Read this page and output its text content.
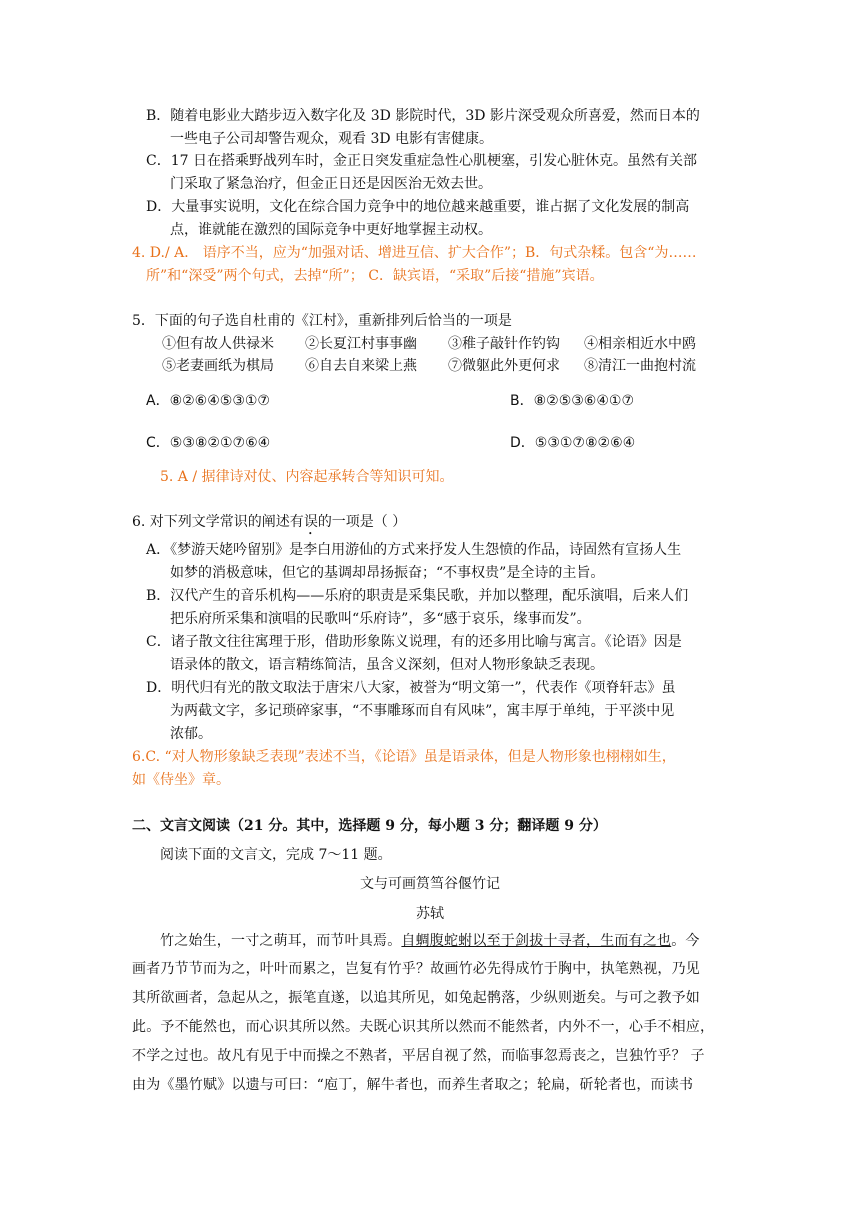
B．随着电影业大踏步迈入数字化及 3D 影院时代，3D 影片深受观众所喜爱，然而日本的
一些电子公司却警告观众，观看 3D 电影有害健康。
C．17 日在搭乘野战列车时，金正日突发重症急性心肌梗塞，引发心脏休克。虽然有关部
门采取了紧急治疗，但金正日还是因医治无效去世。
D．大量事实说明，文化在综合国力竞争中的地位越来越重要，谁占据了文化发展的制高
点，谁就能在激烈的国际竞争中更好地掌握主动权。
4. D./ A． 语序不当，应为“加强对话、增进互信、扩大合作”；B．句式杂糅。包含“为……
所”和“深受”两个句式，去掉“所”； C．缺宾语，“采取”后接“措施”宾语。
5．下面的句子选自杜甫的《江村》，重新排列后恰当的一项是
①但有故人供禄米 ②长夏江村事事幽 ③稚子敲针作钓钩 ④相亲相近水中鸥
⑤老妻画纸为棋局 ⑥自去自来梁上燕 ⑦微躯此外更何求 ⑧清江一曲抱村流
A．⑧②⑥④⑤③①⑦	B．⑧②⑤③⑥④①⑦
C．⑤③⑧②①⑦⑥④	D．⑤③①⑦⑧②⑥④
5. A / 据律诗对仗、内容起承转合等知识可知。
6. 对下列文学常识的阐述有误的一项是（ ）
A．《梦游天姥吟留别》是李白用游仙的方式来抒发人生怨愤的作品，诗固然有宣扬人生
如梦的消极意味，但它的基调却昂扬振奋；“不事权贵”是全诗的主旨。
B．汉代产生的音乐机构——乐府的职责是采集民歌，并加以整理，配乐演唱，后来人们
把乐府所采集和演唱的民歌叫“乐府诗”，多“感于哀乐，缘事而发”。
C．诸子散文往往寓理于形，借助形象陈义说理，有的还多用比喻与寓言。《论语》因是
语录体的散文，语言精练简洁，虽含义深刻，但对人物形象缺乏表现。
D．明代归有光的散文取法于唐宋八大家，被誉为“明文第一”，代表作《项脊轩志》虽
为两截文字，多记琐碎家事，“不事雕琢而自有风味”，寓丰厚于单纯，于平淡中见
浓郁。
6.C. “对人物形象缺乏表现”表述不当，《论语》虽是语录体，但是人物形象也栩栩如生，
如《侍坐》章。
二、文言文阅读（21 分。其中，选择题 9 分，每小题 3 分；翻译题 9 分）
阅读下面的文言文，完成 7～11 题。
文与可画筼筜谷偃竹记
苏轼
竹之始生，一寸之萌耳，而节叶具焉。自蜩腹蛇蚹以至于剑拔十寻者，生而有之也。今
画者乃节节而为之，叶叶而累之，岂复有竹乎？故画竹必先得成竹于胸中，执笔熟视，乃见
其所欲画者，急起从之，振笔直遂，以追其所见，如兔起鹘落，少纵则逝矣。与可之教予如
此。予不能然也，而心识其所以然。夫既心识其所以然而不能然者，内外不一，心手不相应，
不学之过也。故凡有见于中而操之不熟者，平居自视了然，而临事忽焉丧之，岂独竹乎？ 子
由为《墨竹赋》以遗与可曰：“庖丁，解牛者也，而养生者取之；轮扁，斫轮者也，而读书
